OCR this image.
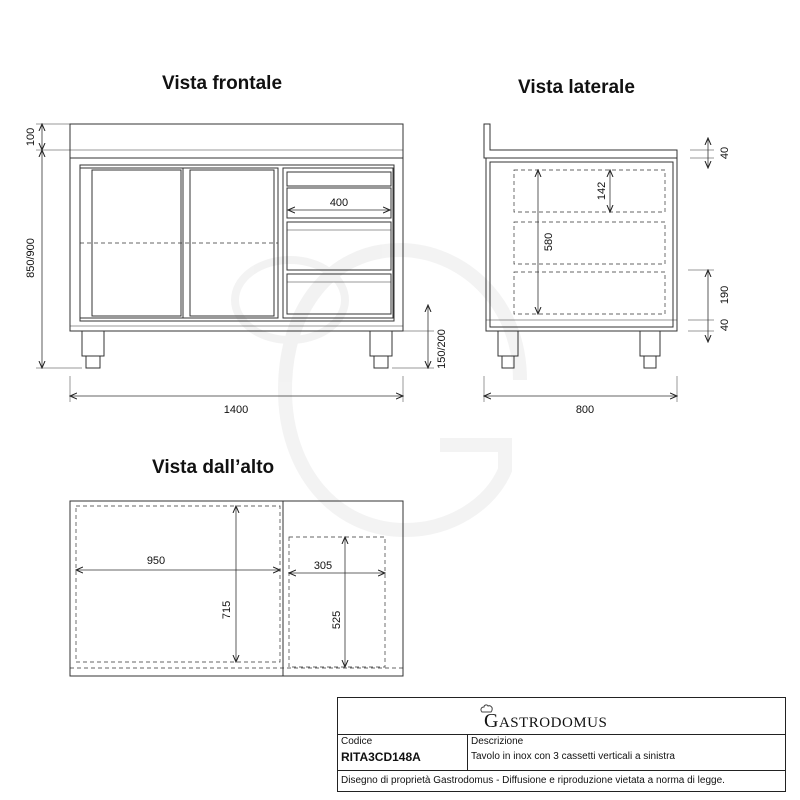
100
850/900
150/200
1400
400
40
142
580
190
40
800
950
715
305
525
Vista frontale	Vista laterale
Vista dall’alto
GASTRODOMUS
Codice
RITA3CD148A
Descrizione
Tavolo in inox con 3 cassetti verticali a sinistra
Disegno di proprietà Gastrodomus - Diffusione e riproduzione vietata a norma di legge.
